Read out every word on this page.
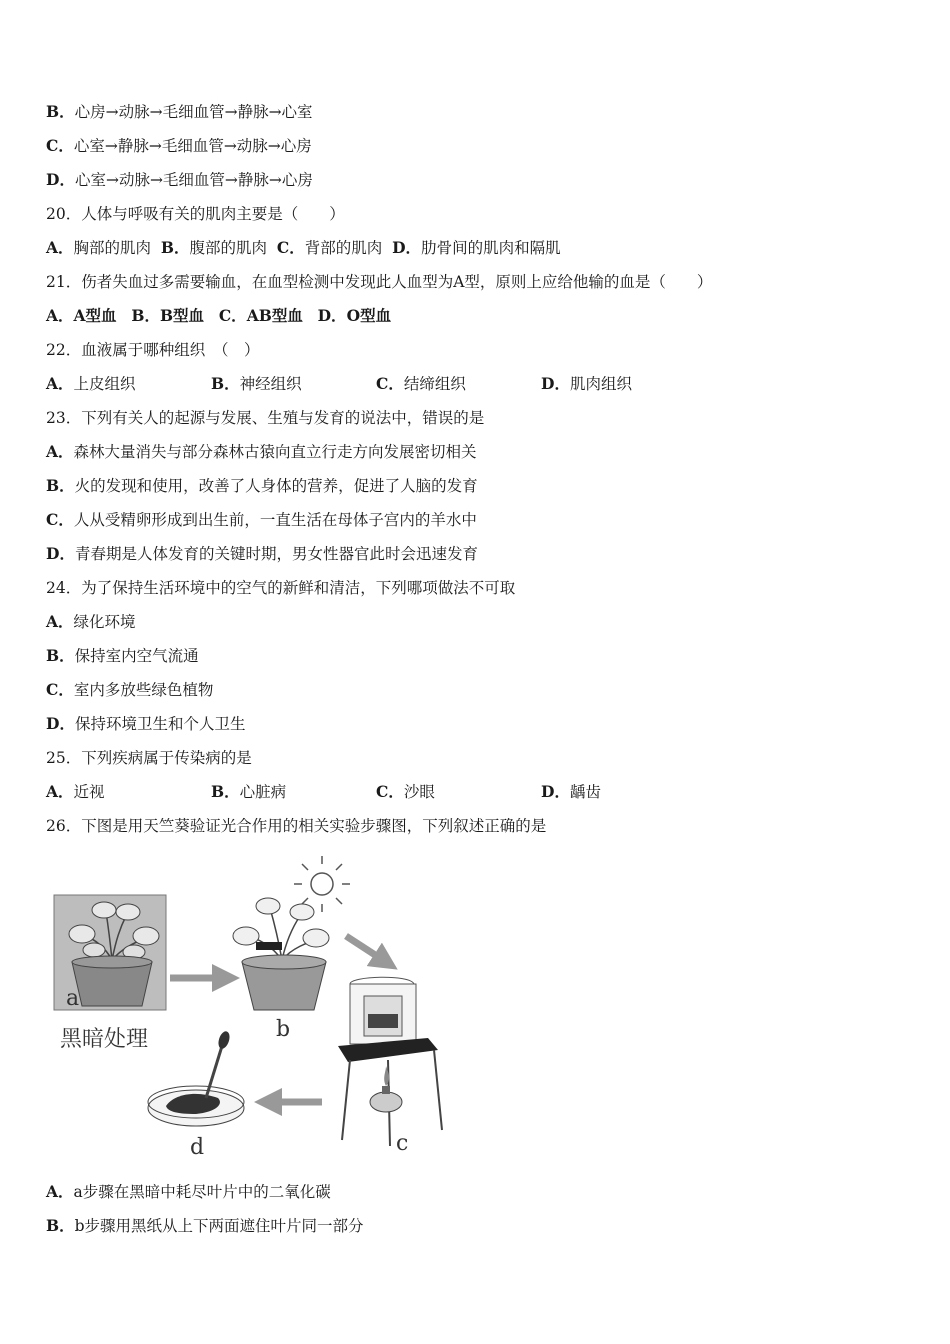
B．心房→动脉→毛细血管→静脉→心室
C．心室→静脉→毛细血管→动脉→心房
D．心室→动脉→毛细血管→静脉→心房
20．人体与呼吸有关的肌肉主要是（　　）
A．胸部的肌肉 B．腹部的肌肉 C．背部的肌肉 D．肋骨间的肌肉和隔肌
21．伤者失血过多需要输血，在血型检测中发现此人血型为A型，原则上应给他输的血是（　　）
A．A型血 B．B型血 C．AB型血 D．O型血
22．血液属于哪种组织　（　）
A．上皮组织	B．神经组织	C．结缔组织	D．肌肉组织
23．下列有关人的起源与发展、生殖与发育的说法中，错误的是
A．森林大量消失与部分森林古猿向直立行走方向发展密切相关
B．火的发现和使用，改善了人身体的营养，促进了人脑的发育
C．人从受精卵形成到出生前，一直生活在母体子宫内的羊水中
D．青春期是人体发育的关键时期，男女性器官此时会迅速发育
24．为了保持生活环境中的空气的新鲜和清洁，下列哪项做法不可取
A．绿化环境
B．保持室内空气流通
C．室内多放些绿色植物
D．保持环境卫生和个人卫生
25．下列疾病属于传染病的是
A．近视	B．心脏病	C．沙眼	D．龋齿
26．下图是用天竺葵验证光合作用的相关实验步骤图，下列叙述正确的是
a
黑暗处理	b
c
d
A．a步骤在黑暗中耗尽叶片中的二氧化碳
B．b步骤用黑纸从上下两面遮住叶片同一部分
